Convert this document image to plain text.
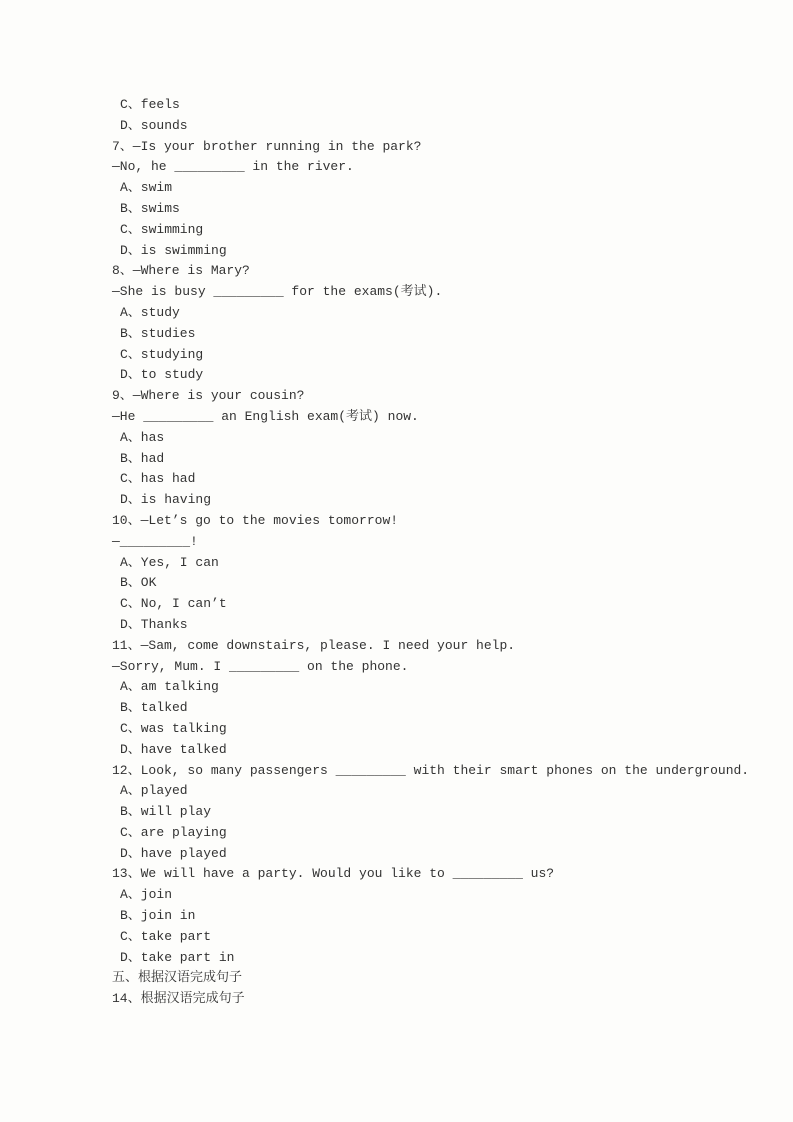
C、feels
D、sounds
7、—Is your brother running in the park?
—No, he _________ in the river.
A、swim
B、swims
C、swimming
D、is swimming
8、—Where is Mary?
—She is busy _________ for the exams(考试).
A、study
B、studies
C、studying
D、to study
9、—Where is your cousin?
—He _________ an English exam(考试) now.
A、has
B、had
C、has had
D、is having
10、—Let’s go to the movies tomorrow!
—_________!
A、Yes, I can
B、OK
C、No, I can’t
D、Thanks
11、—Sam, come downstairs, please. I need your help.
—Sorry, Mum. I _________ on the phone.
A、am talking
B、talked
C、was talking
D、have talked
12、Look, so many passengers _________ with their smart phones on the underground.
A、played
B、will play
C、are playing
D、have played
13、We will have a party. Would you like to _________ us?
A、join
B、join in
C、take part
D、take part in
五、根据汉语完成句子
14、根据汉语完成句子
